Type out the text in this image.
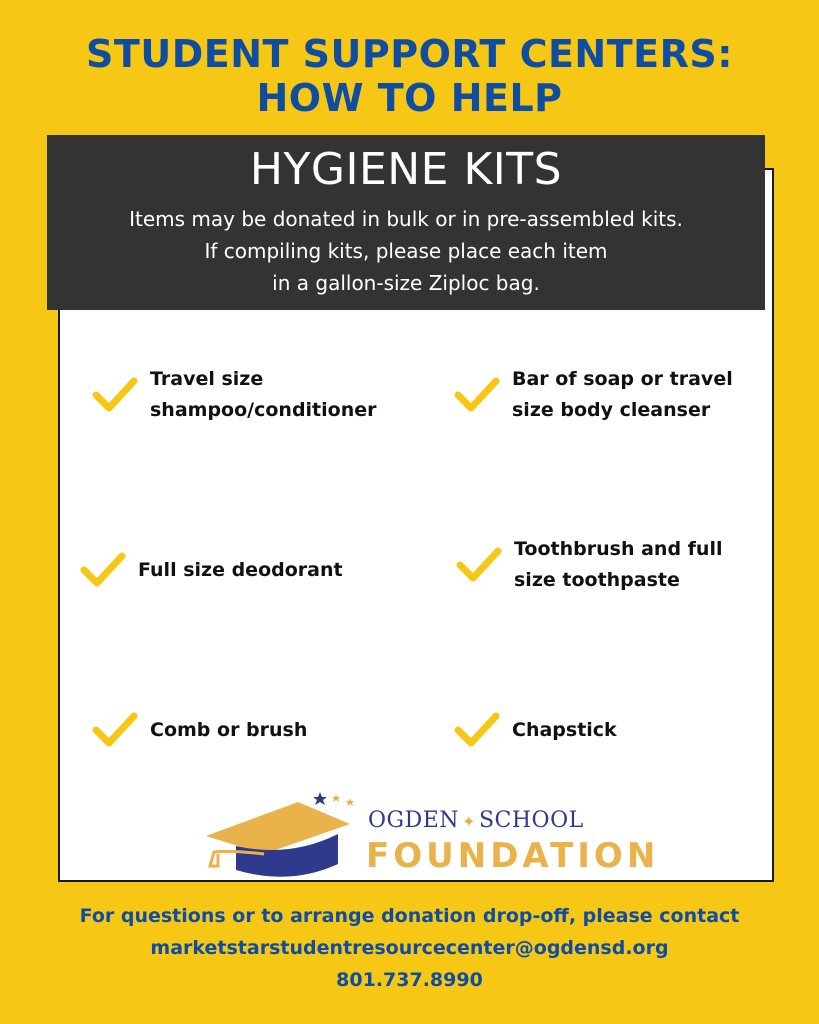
STUDENT SUPPORT CENTERS:
HOW TO HELP
HYGIENE KITS
Items may be donated in bulk or in pre-assembled kits.
If compiling kits, please place each item
in a gallon-size Ziploc bag.
Travel size
shampoo/conditioner
Bar of soap or travel
size body cleanser
Full size deodorant
Toothbrush and full
size toothpaste
Comb or brush	Chapstick
OGDEN ✦ SCHOOL
FOUNDATION
For questions or to arrange donation drop-off, please contact
marketstarstudentresourcecenter@ogdensd.org
801.737.8990
